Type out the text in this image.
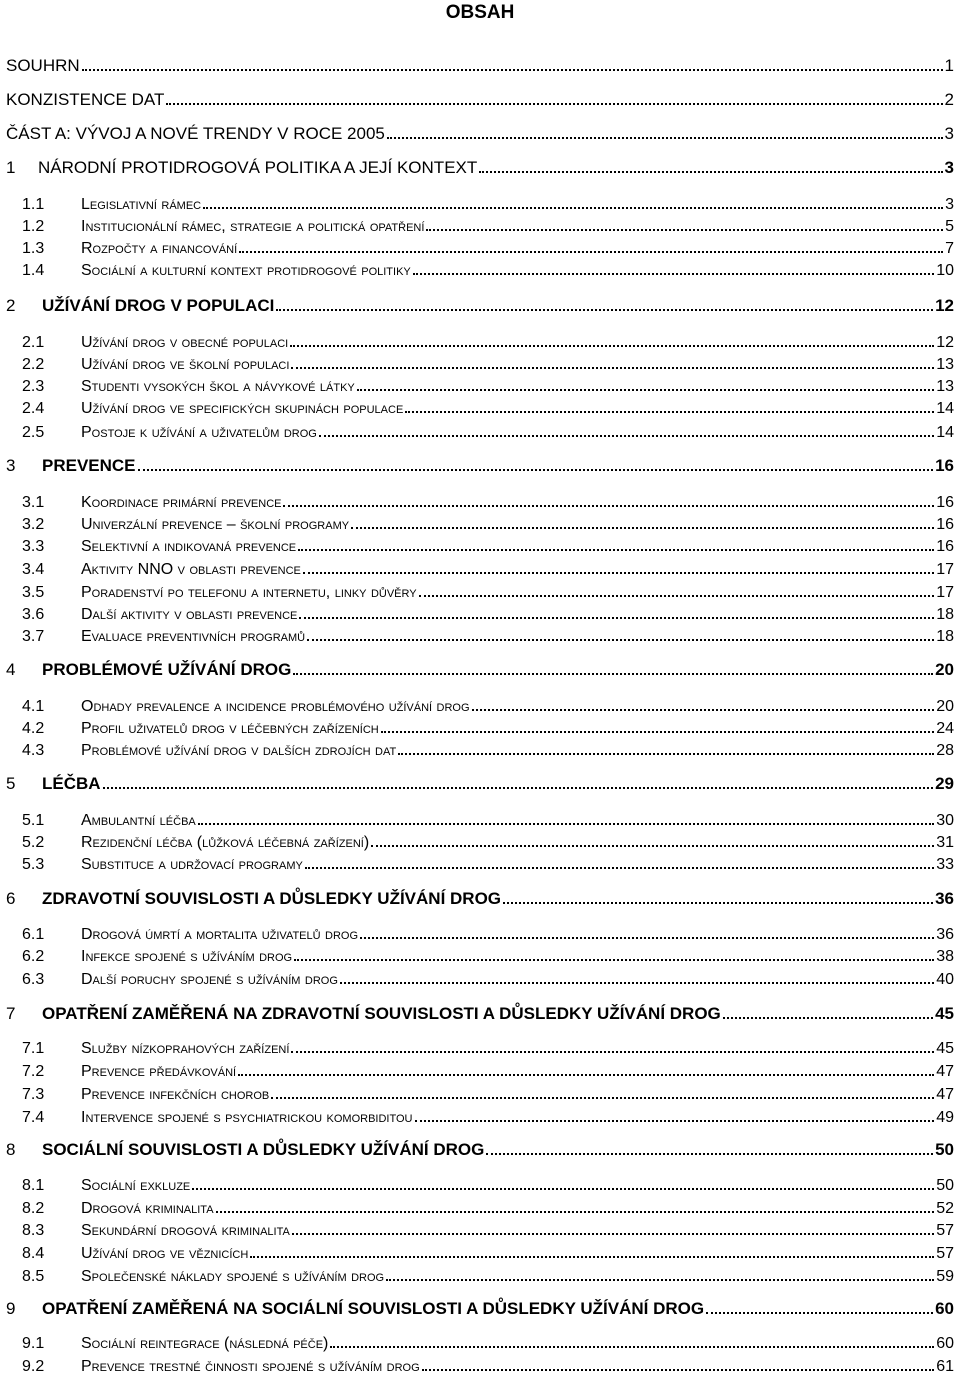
OBSAH
SOUHRN	1
KONZISTENCE DAT	2
ČÁST A: VÝVOJ A NOVÉ TRENDY V ROCE 2005	3
1	NÁRODNÍ PROTIDROGOVÁ POLITIKA A JEJÍ KONTEXT	3
1.1	Legislativní rámec	3
1.2	Institucionální rámec, strategie a politická opatření	5
1.3	Rozpočty a financování	7
1.4	Sociální a kulturní kontext protidrogové politiky	10
2	UŽÍVÁNÍ DROG V POPULACI	12
2.1	Užívání drog v obecné populaci	12
2.2	Užívání drog ve školní populaci	13
2.3	Studenti vysokých škol a návykové látky	13
2.4	Užívání drog ve specifických skupinách populace	14
2.5	Postoje k užívání a uživatelům drog	14
3	PREVENCE	16
3.1	Koordinace primární prevence	16
3.2	Univerzální prevence – školní programy	16
3.3	Selektivní a indikovaná prevence	16
3.4	Aktivity NNO v oblasti prevence	17
3.5	Poradenství po telefonu a internetu, linky důvěry	17
3.6	Další aktivity v oblasti prevence	18
3.7	Evaluace preventivních programů	18
4	PROBLÉMOVÉ UŽÍVÁNÍ DROG	20
4.1	Odhady prevalence a incidence problémového užívání drog	20
4.2	Profil uživatelů drog v léčebných zařízeních	24
4.3	Problémové užívání drog v dalších zdrojích dat	28
5	LÉČBA	29
5.1	Ambulantní léčba	30
5.2	Rezidenční léčba (lůžková léčebná zařízení)	31
5.3	Substituce a udržovací programy	33
6	ZDRAVOTNÍ SOUVISLOSTI A DŮSLEDKY UŽÍVÁNÍ DROG	36
6.1	Drogová úmrtí a mortalita uživatelů drog	36
6.2	Infekce spojené s užíváním drog	38
6.3	Další poruchy spojené s užíváním drog	40
7	OPATŘENÍ ZAMĚŘENÁ NA ZDRAVOTNÍ SOUVISLOSTI A DŮSLEDKY UŽÍVÁNÍ DROG	45
7.1	Služby nízkoprahových zařízení	45
7.2	Prevence předávkování	47
7.3	Prevence infekčních chorob	47
7.4	Intervence spojené s psychiatrickou komorbiditou	49
8	SOCIÁLNÍ SOUVISLOSTI A DŮSLEDKY UŽÍVÁNÍ DROG	50
8.1	Sociální exkluze	50
8.2	Drogová kriminalita	52
8.3	Sekundární drogová kriminalita	57
8.4	Užívání drog ve věznicích	57
8.5	Společenské náklady spojené s užíváním drog	59
9	OPATŘENÍ ZAMĚŘENÁ NA SOCIÁLNÍ SOUVISLOSTI A DŮSLEDKY UŽÍVÁNÍ DROG	60
9.1	Sociální reintegrace (následná péče)	60
9.2	Prevence trestné činnosti spojené s užíváním drog	61
